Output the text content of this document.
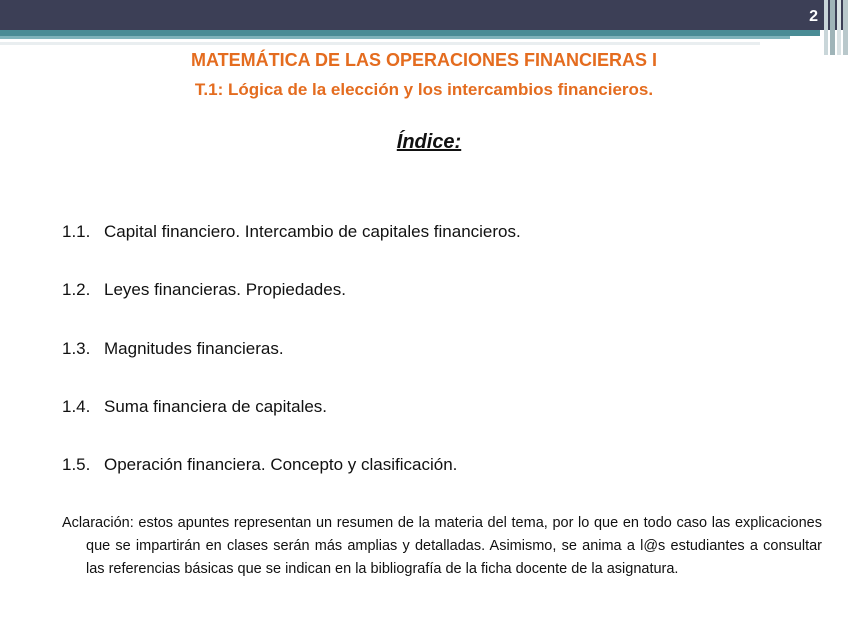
2
MATEMÁTICA DE LAS OPERACIONES FINANCIERAS I
T.1: Lógica de la elección y los intercambios financieros.
Índice:
1.1. Capital financiero. Intercambio de capitales financieros.
1.2. Leyes financieras. Propiedades.
1.3. Magnitudes financieras.
1.4. Suma financiera de capitales.
1.5. Operación financiera. Concepto y clasificación.
Aclaración: estos apuntes representan un resumen de la materia del tema, por lo que en todo caso las explicaciones que se impartirán en clases serán más amplias y detalladas. Asimismo, se anima a l@s estudiantes a consultar las referencias básicas que se indican en la bibliografía de la ficha docente de la asignatura.
